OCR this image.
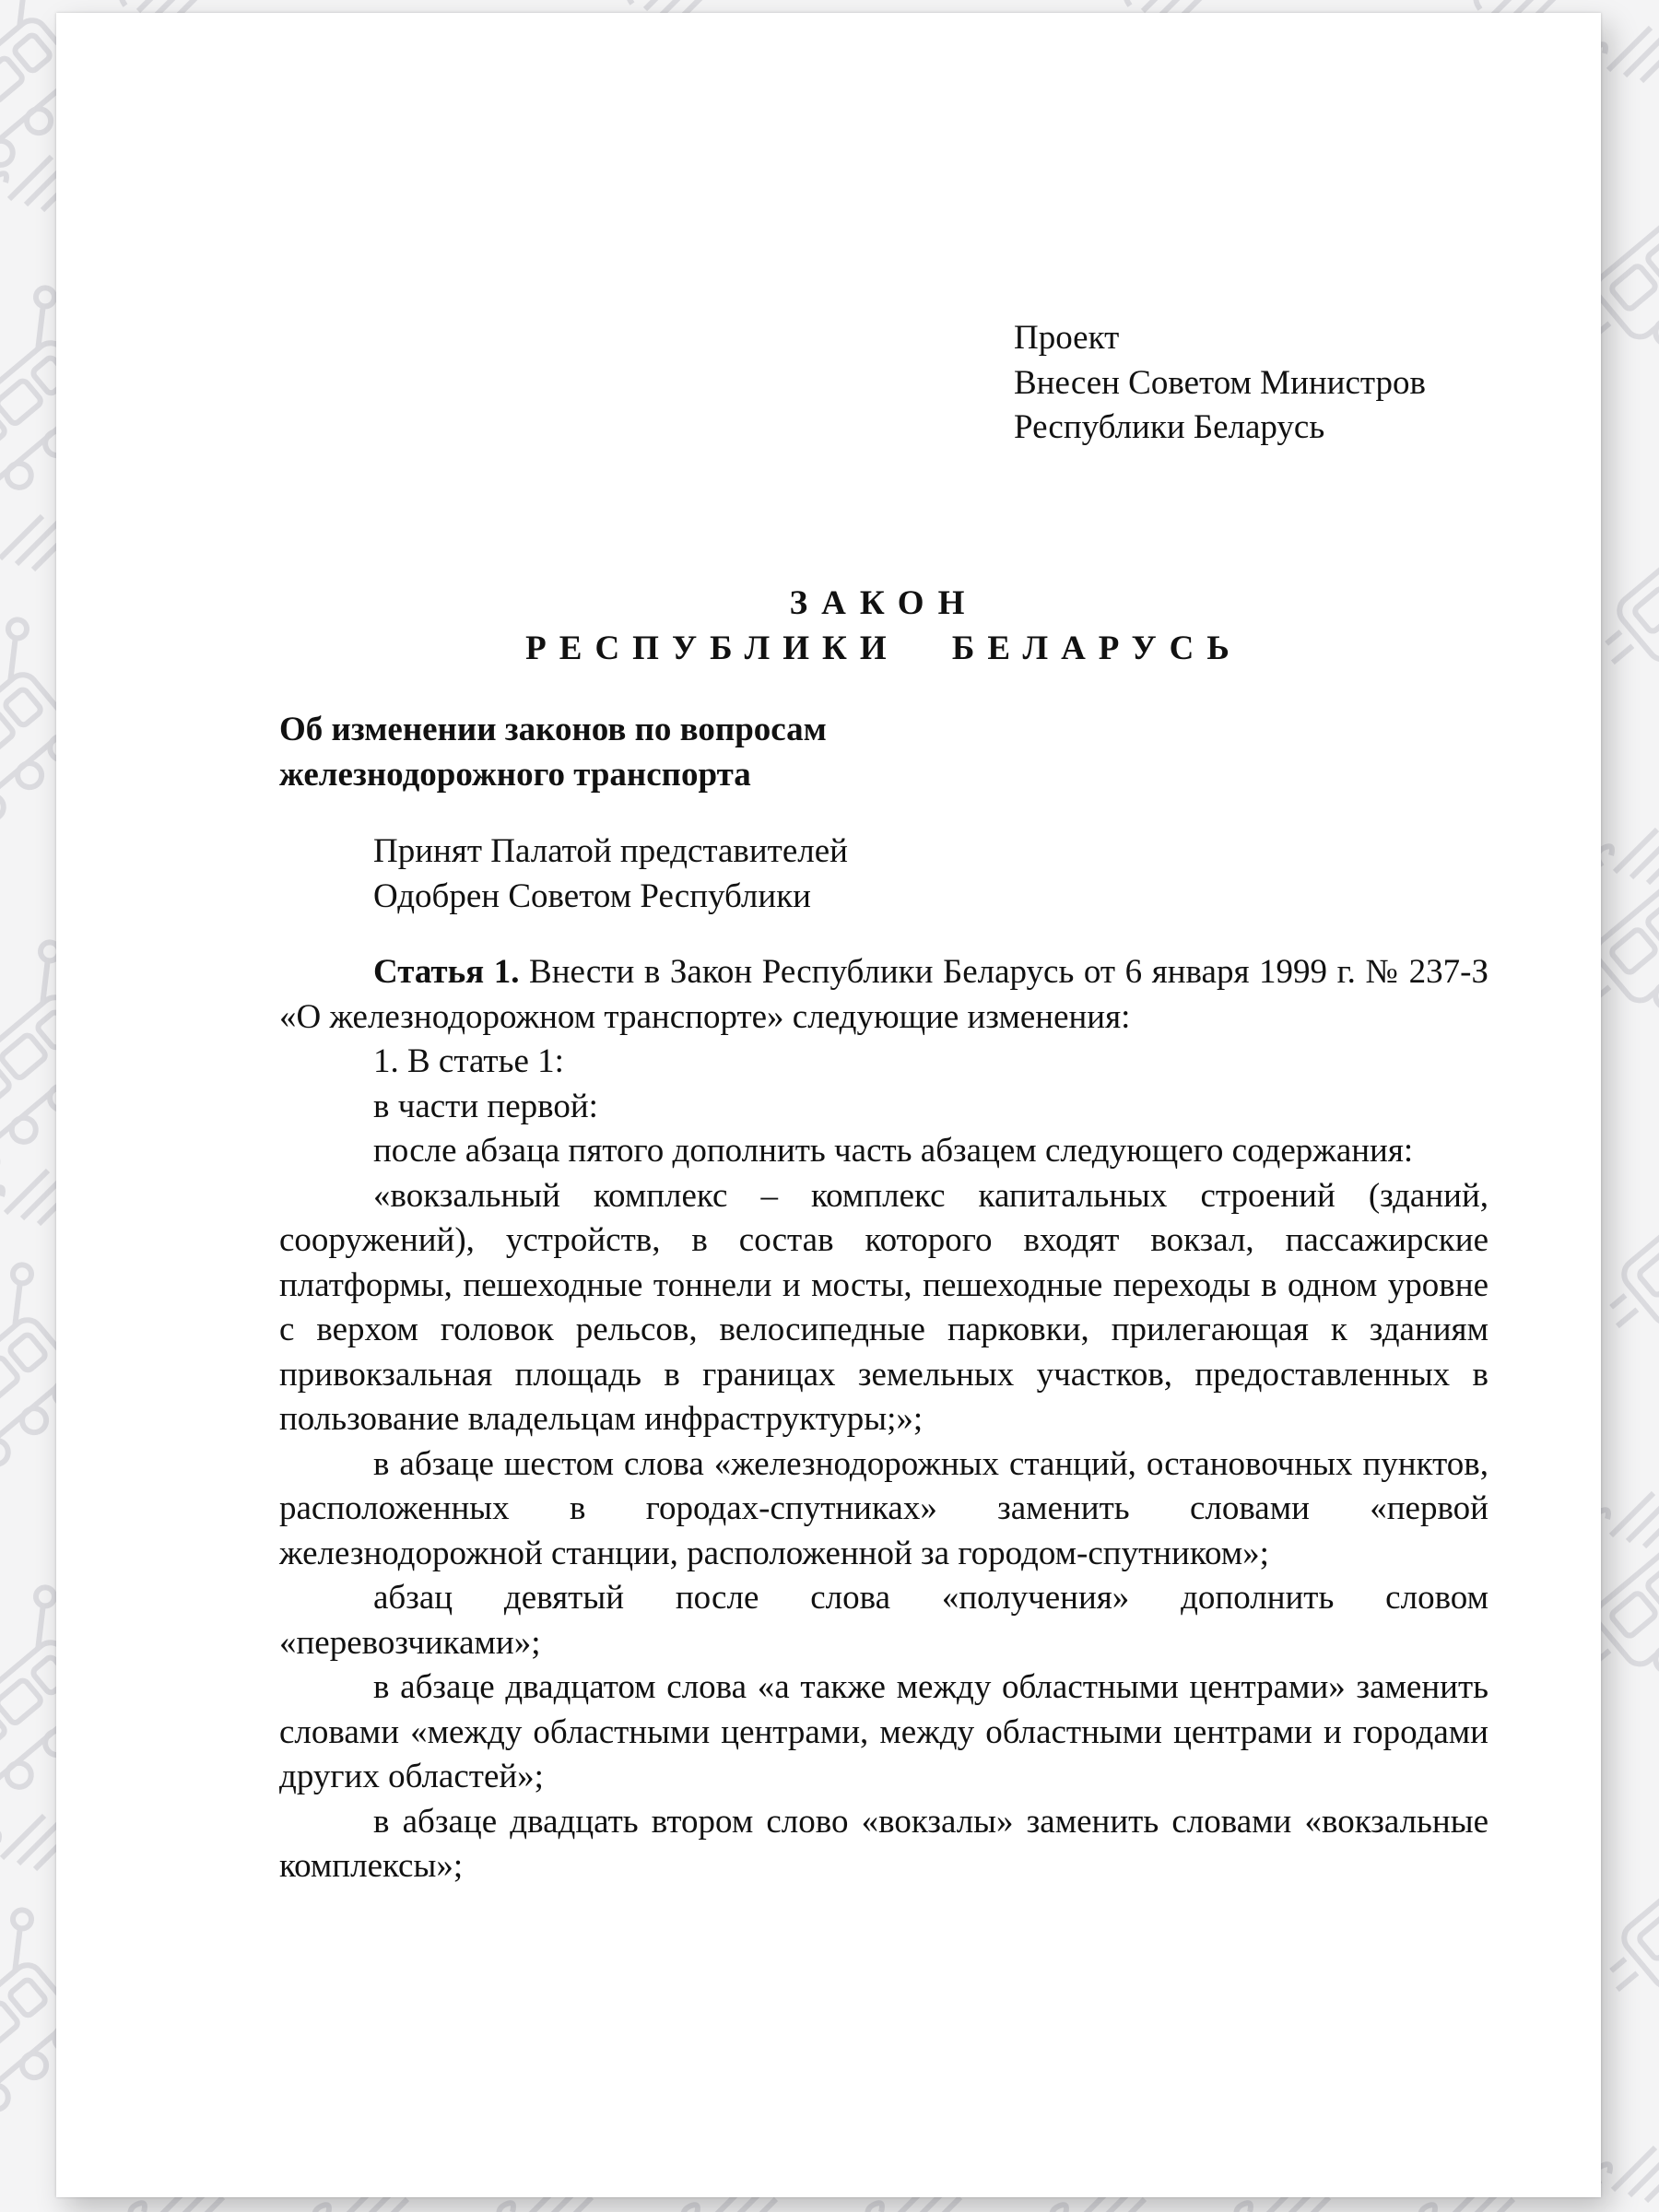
Проект
Внесен Советом Министров
Республики Беларусь
ЗАКОН
РЕСПУБЛИКИ БЕЛАРУСЬ
Об изменении законов по вопросам железнодорожного транспорта
Принят Палатой представителей
Одобрен Советом Республики

Статья 1. Внести в Закон Республики Беларусь от 6 января 1999 г. № 237-З «О железнодорожном транспорте» следующие изменения:

1. В статье 1:

в части первой:

после абзаца пятого дополнить часть абзацем следующего содержания:

«вокзальный комплекс – комплекс капитальных строений (зданий, сооружений), устройств, в состав которого входят вокзал, пассажирские платформы, пешеходные тоннели и мосты, пешеходные переходы в одном уровне с верхом головок рельсов, велосипедные парковки, прилегающая к зданиям привокзальная площадь в границах земельных участков, предоставленных в пользование владельцам инфраструктуры;»;

в абзаце шестом слова «железнодорожных станций, остановочных пунктов, расположенных в городах-спутниках» заменить словами «первой железнодорожной станции, расположенной за городом-спутником»;

абзац девятый после слова «получения» дополнить словом «перевозчиками»;

в абзаце двадцатом слова «а также между областными центрами» заменить словами «между областными центрами, между областными центрами и городами других областей»;

в абзаце двадцать втором слово «вокзалы» заменить словами «вокзальные комплексы»;
